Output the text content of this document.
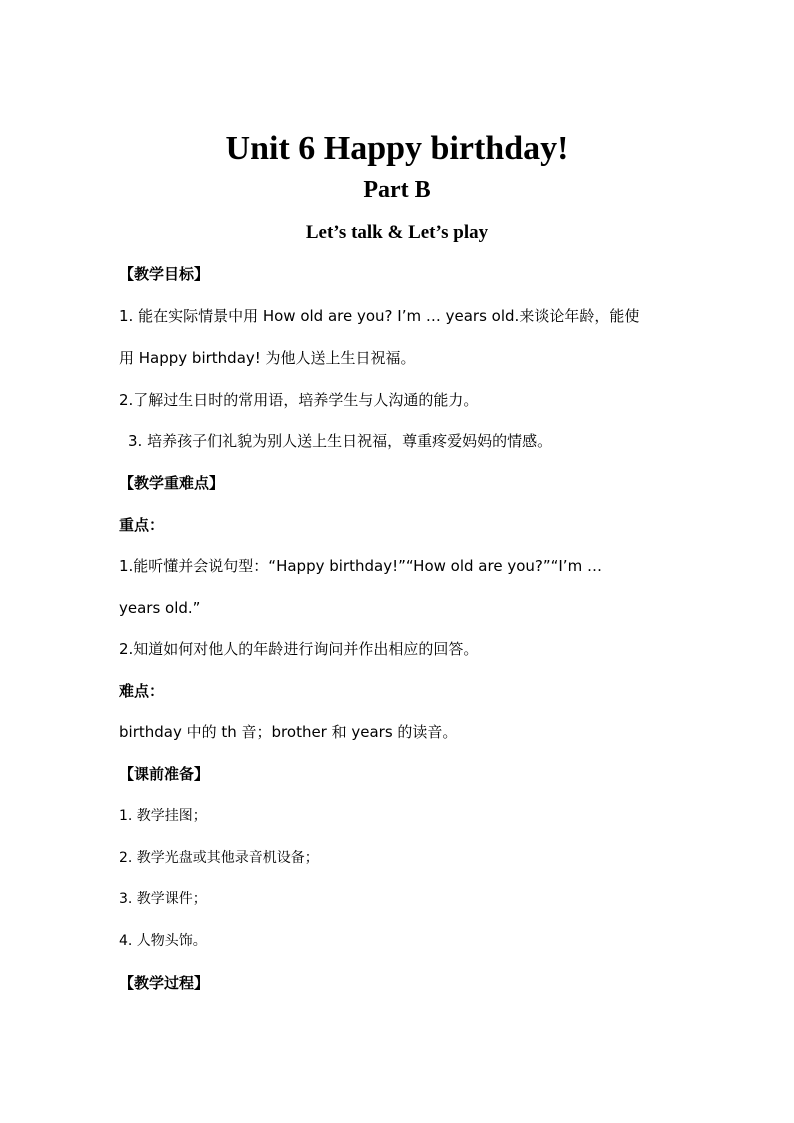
Unit 6 Happy birthday!
Part B
Let’s talk & Let’s play

【教学目标】

1. 能在实际情景中用 How old are you? I’m … years old.来谈论年龄，能使

用 Happy birthday! 为他人送上生日祝福。

2.了解过生日时的常用语，培养学生与人沟通的能力。

3. 培养孩子们礼貌为别人送上生日祝福，尊重疼爱妈妈的情感。

【教学重难点】

重点：

1.能听懂并会说句型：“Happy birthday!”“How old are you?”“I’m …

years old.”

2.知道如何对他人的年龄进行询问并作出相应的回答。

难点：

birthday 中的 th 音；brother 和 years 的读音。

【课前准备】

1. 教学挂图；

2. 教学光盘或其他录音机设备；

3. 教学课件；

4. 人物头饰。

【教学过程】
